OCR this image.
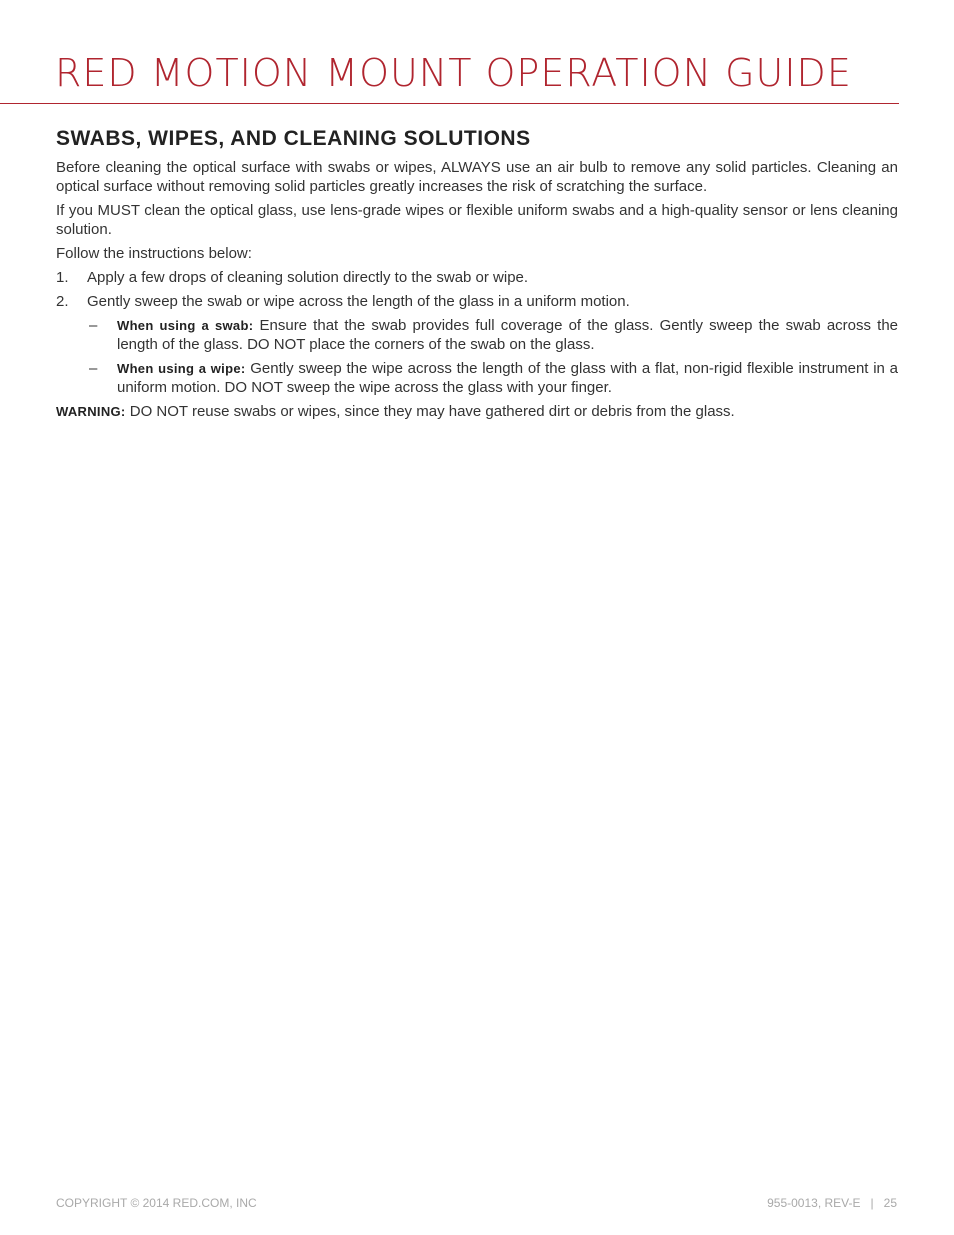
RED MOTION MOUNT OPERATION GUIDE
SWABS, WIPES, AND CLEANING SOLUTIONS

Before cleaning the optical surface with swabs or wipes, ALWAYS use an air bulb to remove any solid particles. Cleaning an optical surface without removing solid particles greatly increases the risk of scratching the surface.

If you MUST clean the optical glass, use lens-grade wipes or flexible uniform swabs and a high-quality sensor or lens cleaning solution.

Follow the instructions below:

1. Apply a few drops of cleaning solution directly to the swab or wipe.
2. Gently sweep the swab or wipe across the length of the glass in a uniform motion.
– When using a swab: Ensure that the swab provides full coverage of the glass. Gently sweep the swab across the length of the glass. DO NOT place the corners of the swab on the glass.
– When using a wipe: Gently sweep the wipe across the length of the glass with a flat, non-rigid flexible instrument in a uniform motion. DO NOT sweep the wipe across the glass with your finger.

WARNING: DO NOT reuse swabs or wipes, since they may have gathered dirt or debris from the glass.

COPYRIGHT © 2014 RED.COM, INC	955-0013, REV-E | 25
